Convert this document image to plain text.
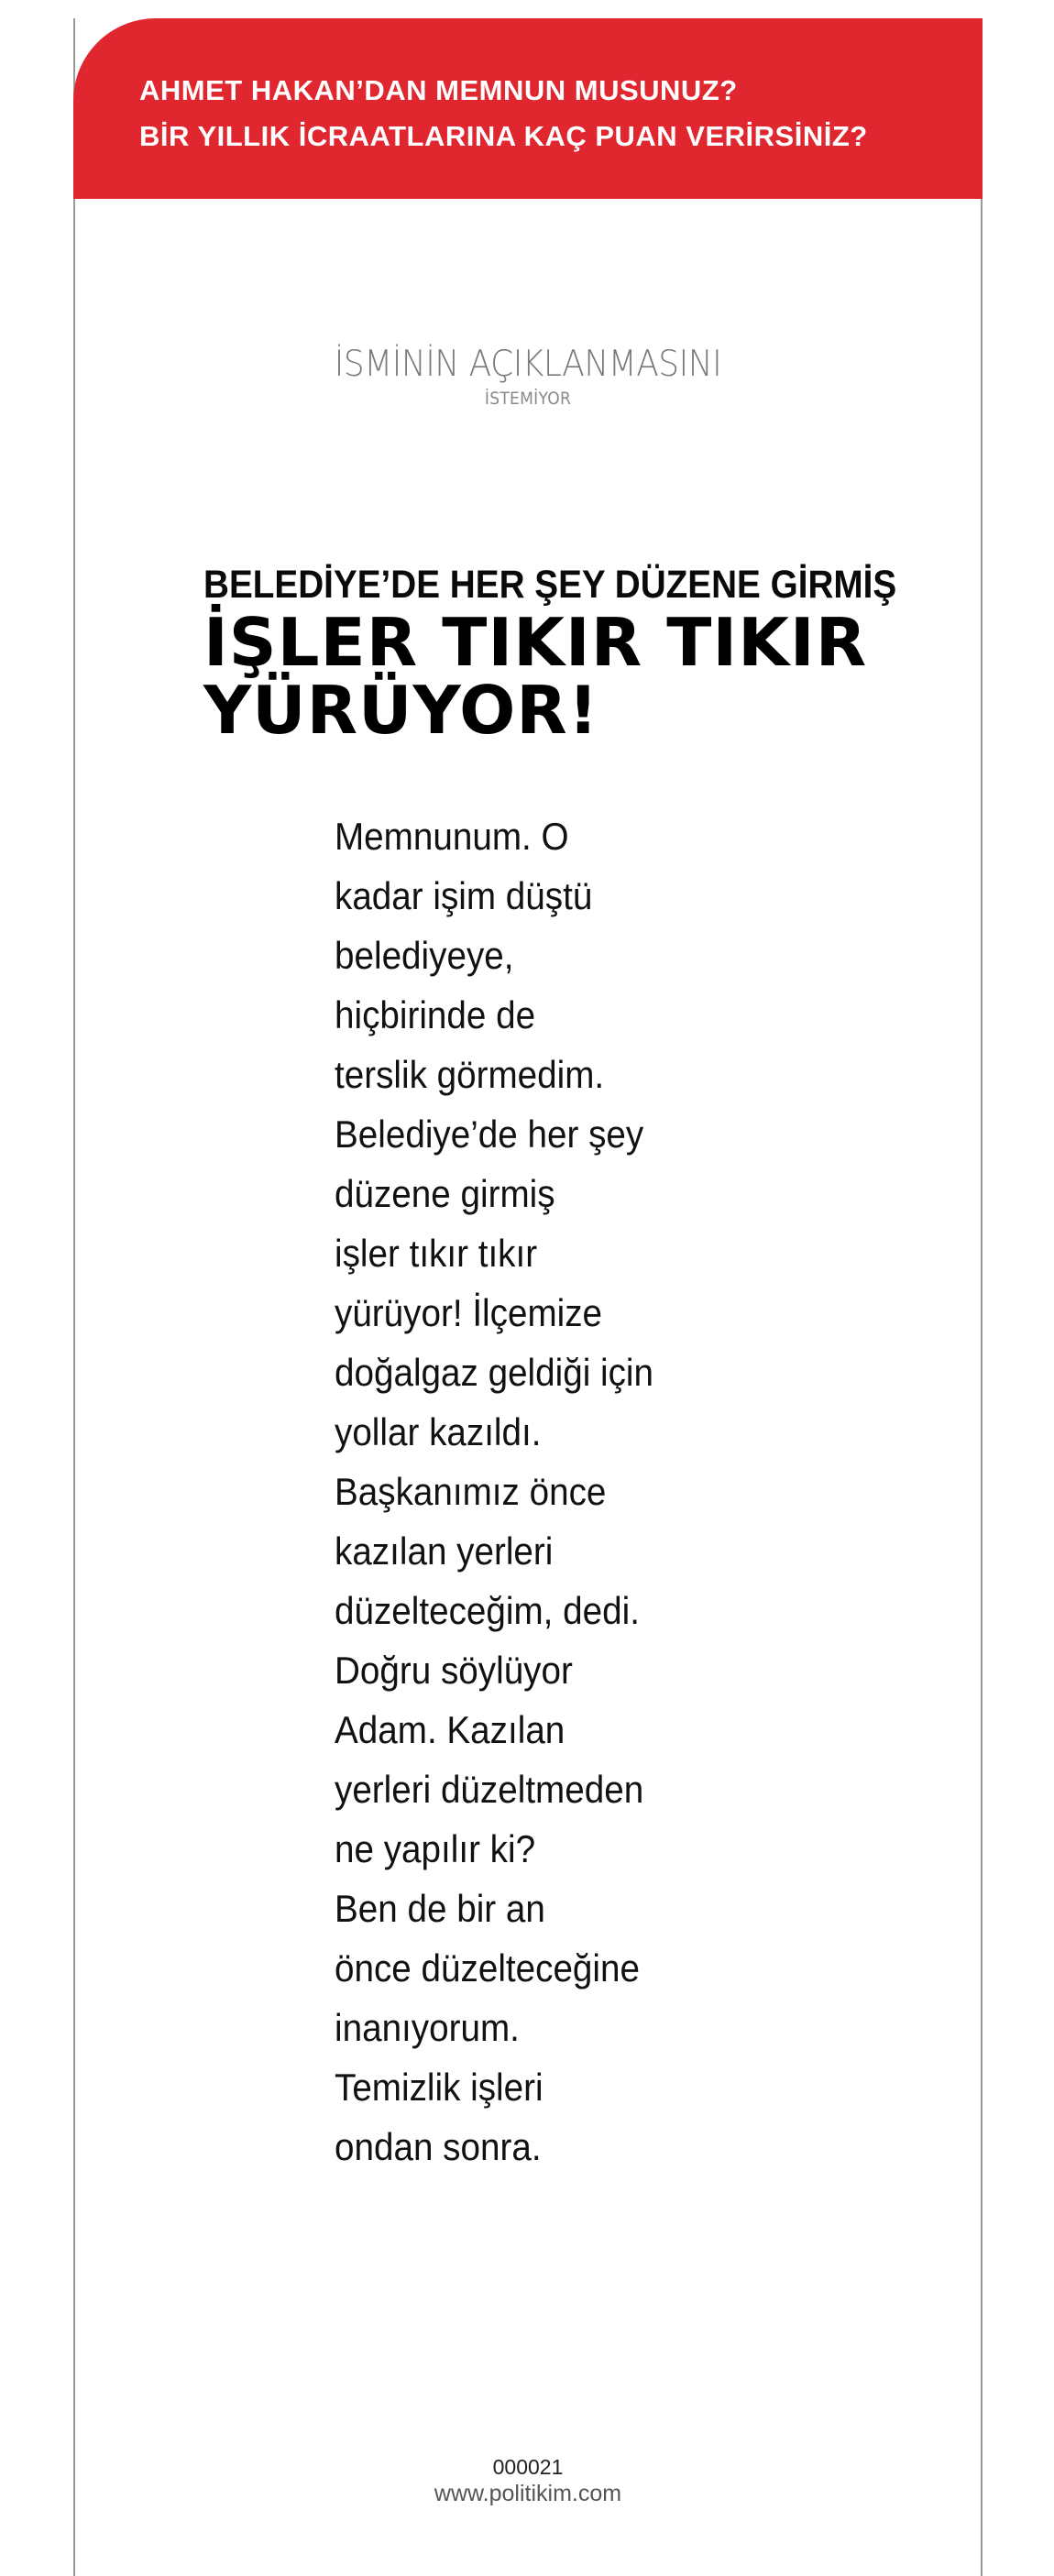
AHMET HAKAN’DAN MEMNUN MUSUNUZ?
BİR YILLIK İCRAATLARINA KAÇ PUAN VERİRSİNİZ?
İSMİNİN AÇIKLANMASINI
İSTEMİYOR
BELEDİYE’DE HER ŞEY DÜZENE GİRMİŞ
İŞLER TIKIR TIKIR
YÜRÜYOR!
Memnunum. O
kadar işim düştü
belediyeye,
hiçbirinde de
terslik görmedim.
Belediye’de her şey
düzene girmiş
işler tıkır tıkır
yürüyor! İlçemize
doğalgaz geldiği için
yollar kazıldı.
Başkanımız önce
kazılan yerleri
düzelteceğim, dedi.
Doğru söylüyor
Adam. Kazılan
yerleri düzeltmeden
ne yapılır ki?
Ben de bir an
önce düzelteceğine
inanıyorum.
Temizlik işleri
ondan sonra.
000021
www.politikim.com
